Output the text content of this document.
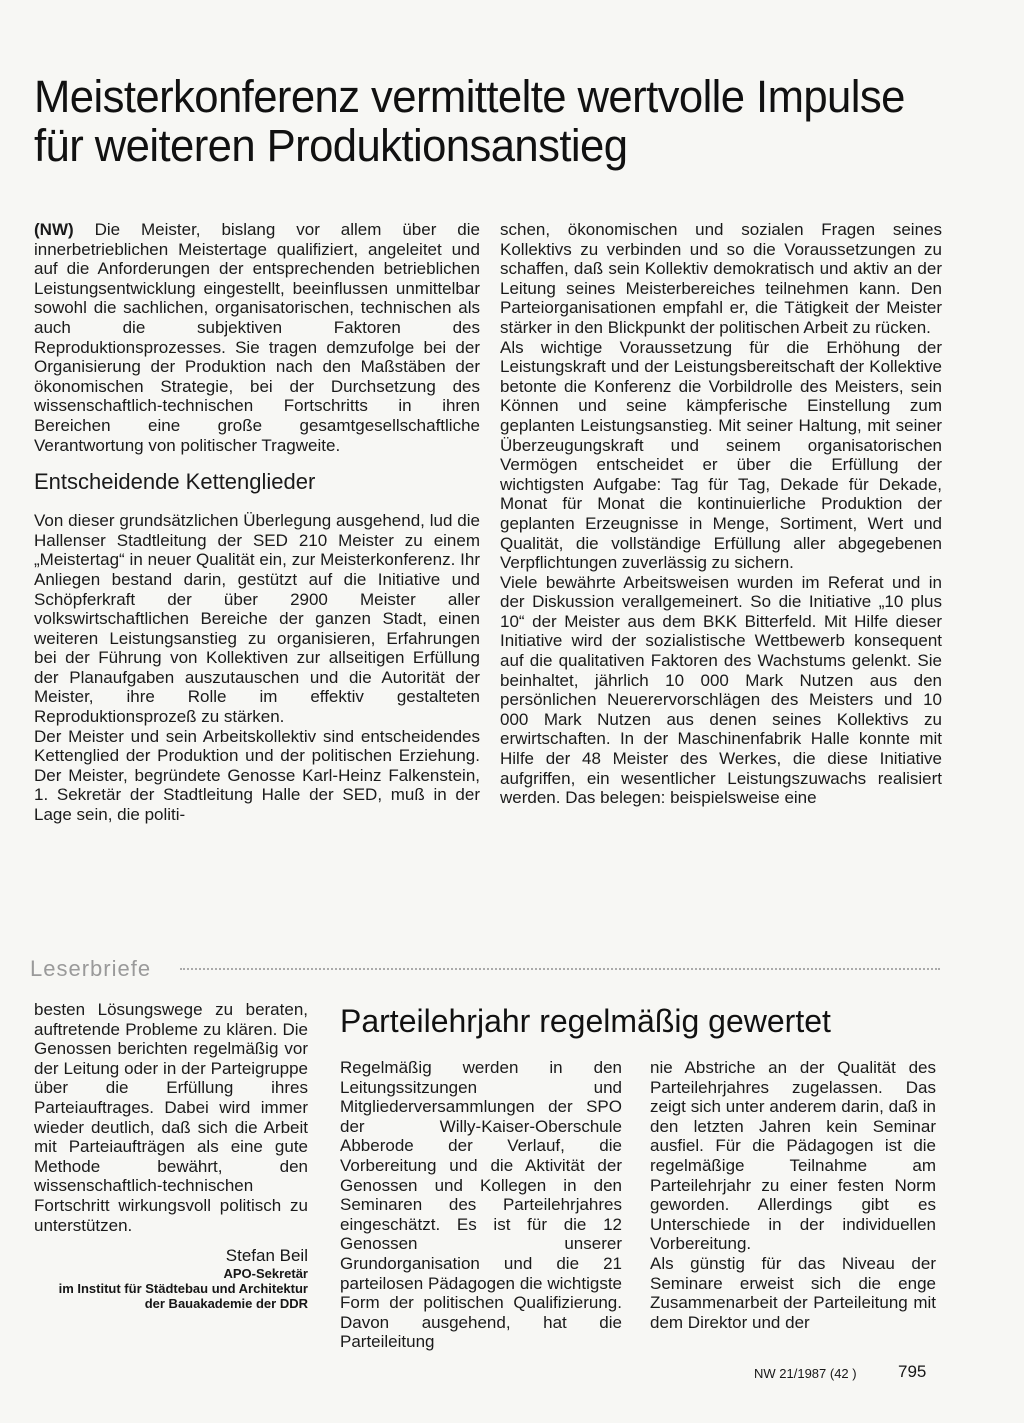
Meisterkonferenz vermittelte wertvolle Impulse für weiteren Produktionsanstieg

(NW) Die Meister, bislang vor allem über die innerbetrieblichen Meistertage qualifiziert, angeleitet und auf die Anforderungen der entsprechenden betrieblichen Leistungsentwicklung eingestellt, beeinflussen unmittelbar sowohl die sachlichen, organisatorischen, technischen als auch die subjektiven Faktoren des Reproduktionsprozesses. Sie tragen demzufolge bei der Organisierung der Produktion nach den Maßstäben der ökonomischen Strategie, bei der Durchsetzung des wissenschaftlich-technischen Fortschritts in ihren Bereichen eine große gesamtgesellschaftliche Verantwortung von politischer Tragweite.

Entscheidende Kettenglieder

Von dieser grundsätzlichen Überlegung ausgehend, lud die Hallenser Stadtleitung der SED 210 Meister zu einem „Meistertag“ in neuer Qualität ein, zur Meisterkonferenz. Ihr Anliegen bestand darin, gestützt auf die Initiative und Schöpferkraft der über 2900 Meister aller volkswirtschaftlichen Bereiche der ganzen Stadt, einen weiteren Leistungsanstieg zu organisieren, Erfahrungen bei der Führung von Kollektiven zur allseitigen Erfüllung der Planaufgaben auszutauschen und die Autorität der Meister, ihre Rolle im effektiv gestalteten Reproduktionsprozeß zu stärken.

Der Meister und sein Arbeitskollektiv sind entscheidendes Kettenglied der Produktion und der politischen Erziehung. Der Meister, begründete Genosse Karl-Heinz Falkenstein, 1. Sekretär der Stadtleitung Halle der SED, muß in der Lage sein, die politi-

schen, ökonomischen und sozialen Fragen seines Kollektivs zu verbinden und so die Voraussetzungen zu schaffen, daß sein Kollektiv demokratisch und aktiv an der Leitung seines Meisterbereiches teilnehmen kann. Den Parteiorganisationen empfahl er, die Tätigkeit der Meister stärker in den Blickpunkt der politischen Arbeit zu rücken.

Als wichtige Voraussetzung für die Erhöhung der Leistungskraft und der Leistungsbereitschaft der Kollektive betonte die Konferenz die Vorbildrolle des Meisters, sein Können und seine kämpferische Einstellung zum geplanten Leistungsanstieg. Mit seiner Haltung, mit seiner Überzeugungskraft und seinem organisatorischen Vermögen entscheidet er über die Erfüllung der wichtigsten Aufgabe: Tag für Tag, Dekade für Dekade, Monat für Monat die kontinuierliche Produktion der geplanten Erzeugnisse in Menge, Sortiment, Wert und Qualität, die vollständige Erfüllung aller abgegebenen Verpflichtungen zuverlässig zu sichern.

Viele bewährte Arbeitsweisen wurden im Referat und in der Diskussion verallgemeinert. So die Initiative „10 plus 10“ der Meister aus dem BKK Bitterfeld. Mit Hilfe dieser Initiative wird der sozialistische Wettbewerb konsequent auf die qualitativen Faktoren des Wachstums gelenkt. Sie beinhaltet, jährlich 10 000 Mark Nutzen aus den persönlichen Neuerervorschlägen des Meisters und 10 000 Mark Nutzen aus denen seines Kollektivs zu erwirtschaften. In der Maschinenfabrik Halle konnte mit Hilfe der 48 Meister des Werkes, die diese Initiative aufgriffen, ein wesentlicher Leistungszuwachs realisiert werden. Das belegen: beispielsweise eine

Leserbriefe

besten Lösungswege zu beraten, auftretende Probleme zu klären. Die Genossen berichten regelmäßig vor der Leitung oder in der Parteigruppe über die Erfüllung ihres Parteiauftrages. Dabei wird immer wieder deutlich, daß sich die Arbeit mit Parteiaufträgen als eine gute Methode bewährt, den wissenschaftlich-technischen Fortschritt wirkungsvoll politisch zu unterstützen.

Stefan Beil
APO-Sekretär
im Institut für Städtebau und Architektur
der Bauakademie der DDR
Parteilehrjahr regelmäßig gewertet

Regelmäßig werden in den Leitungssitzungen und Mitgliederversammlungen der SPO der Willy-Kaiser-Oberschule Abberode der Verlauf, die Vorbereitung und die Aktivität der Genossen und Kollegen in den Seminaren des Parteilehrjahres eingeschätzt. Es ist für die 12 Genossen unserer Grundorganisation und die 21 parteilosen Pädagogen die wichtigste Form der politischen Qualifizierung. Davon ausgehend, hat die Parteileitung

nie Abstriche an der Qualität des Parteilehrjahres zugelassen. Das zeigt sich unter anderem darin, daß in den letzten Jahren kein Seminar ausfiel. Für die Pädagogen ist die regelmäßige Teilnahme am Parteilehrjahr zu einer festen Norm geworden. Allerdings gibt es Unterschiede in der individuellen Vorbereitung.

Als günstig für das Niveau der Seminare erweist sich die enge Zusammenarbeit der Parteileitung mit dem Direktor und der

NW 21/1987 (42 ) 795
